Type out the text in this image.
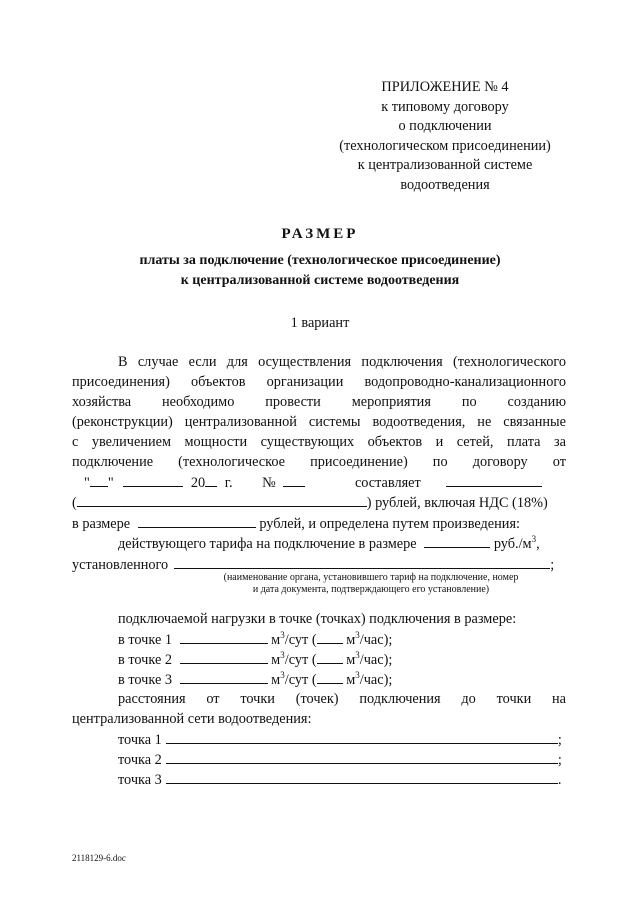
ПРИЛОЖЕНИЕ № 4
к типовому договору
о подключении
(технологическом присоединении)
к централизованной системе
водоотведения
РАЗМЕР
платы за подключение (технологическое присоединение)
к централизованной системе водоотведения
1 вариант
В случае если для осуществления подключения (технологического
присоединения) объектов организации водопроводно-канализационного
хозяйства необходимо провести мероприятия по созданию
(реконструкции) централизованной системы водоотведения, не связанные
с увеличением мощности существующих объектов и сетей, плата за
подключение (технологическое присоединение) по договору от
" "	20 г. №	составляет
(	) рублей, включая НДС (18%)
в размере	рублей, и определена путем произведения:
действующего тарифа на подключение в размере	$руб./м^3$,
установленного	;
(наименование органа, установившего тариф на подключение, номер
и дата документа, подтверждающего его установление)
подключаемой нагрузки в точке (точках) подключения в размере:
в точке 1	$м^3$/сут ( $м^3/час$);
в точке 2	$м^3$/сут ( $м^3/час$);
в точке 3	$м^3$/сут ( $м^3/час$);
расстояния от точки (точек) подключения до точки на
централизованной сети водоотведения:
точка 1	;
точка 2	;
точка 3	.
2118129-6.doc
